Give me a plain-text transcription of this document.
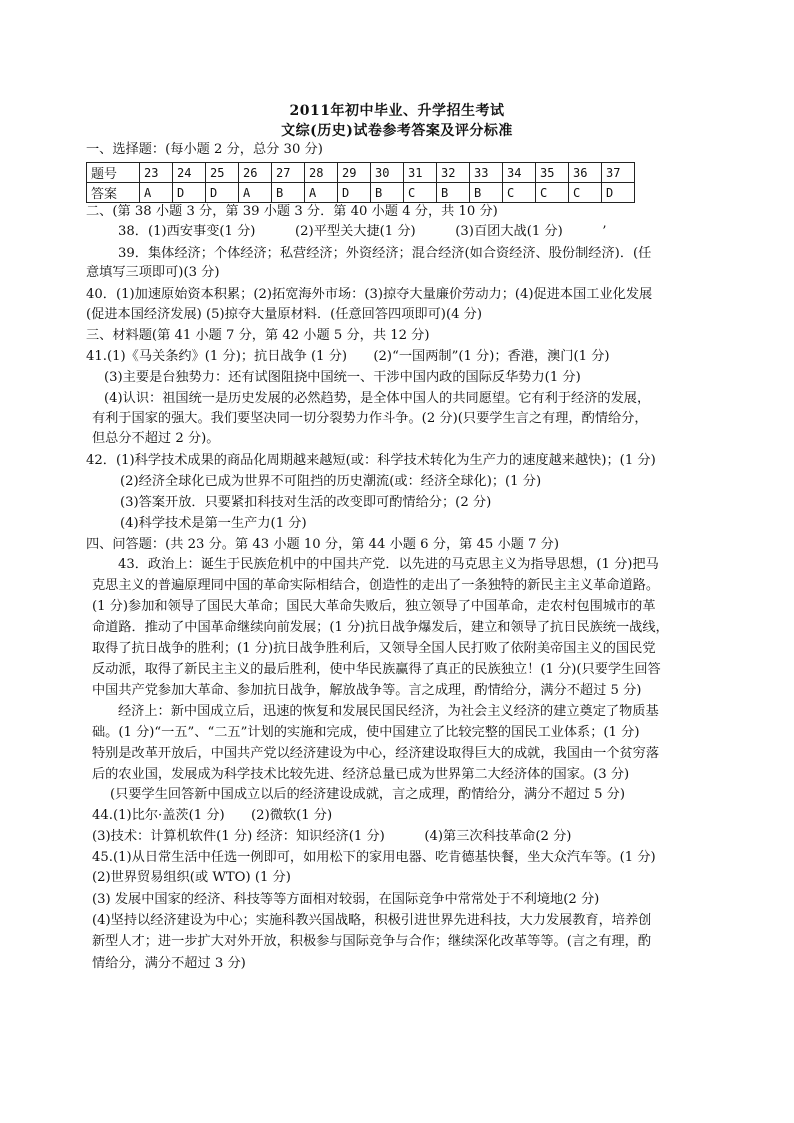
2011年初中毕业、升学招生考试
文综(历史)试卷参考答案及评分标准
一、选择题：(每小题 2 分，总分 30 分)
题号	23	24	25	26	27	28	29	30	31	32	33	34	35	36	37
答案	A	D	D	A	B	A	D	B	C	B	B	C	C	C	D
二、(第 38 小题 3 分，第 39 小题 3 分．第 40 小题 4 分，共 10 分)
38．(1)西安事变(1 分)　　　(2)平型关大捷(1 分)　　　(3)百团大战(1 分)　　　’
39．集体经济；个体经济；私营经济；外资经济；混合经济(如合资经济、股份制经济)．(任
意填写三项即可)(3 分)
40．(1)加速原始资本积累；(2)拓宽海外市场：(3)掠夺大量廉价劳动力；(4)促进本国工业化发展
(促进本国经济发展) (5)掠夺大量原材料．(任意回答四项即可)(4 分)
三、材料题(第 41 小题 7 分，第 42 小题 5 分，共 12 分)
41.(1)《马关条约》(1 分)；抗日战争 (1 分)　　(2)“一国两制”(1 分)；香港，澳门(1 分)
(3)主要是台独势力：还有试图阻挠中国统一、干涉中国内政的国际反华势力(1 分)
(4)认识：祖国统一是历史发展的必然趋势，是全体中国人的共同愿望。它有利于经济的发展，
有利于国家的强大。我们要坚决同一切分裂势力作斗争。(2 分)(只要学生言之有理，酌情给分，
但总分不超过 2 分)。
42．(1)科学技术成果的商品化周期越来越短(或：科学技术转化为生产力的速度越来越快)；(1 分)
(2)经济全球化已成为世界不可阻挡的历史潮流(或：经济全球化)；(1 分)
(3)答案开放．只要紧扣科技对生活的改变即可酌情给分；(2 分)
(4)科学技术是第一生产力(1 分)
四、问答题：(共 23 分。第 43 小题 10 分，第 44 小题 6 分，第 45 小题 7 分)
43．政治上：诞生于民族危机中的中国共产党．以先进的马克思主义为指导思想，(1 分)把马
克思主义的普遍原理同中国的革命实际相结合，创造性的走出了一条独特的新民主主义革命道路。
(1 分)参加和领导了国民大革命；国民大革命失败后，独立领导了中国革命，走农村包围城市的革
命道路．推动了中国革命继续向前发展；(1 分)抗日战争爆发后，建立和领导了抗日民族统一战线，
取得了抗日战争的胜利；(1 分)抗日战争胜利后，又领导全国人民打败了依附美帝国主义的国民党
反动派，取得了新民主主义的最后胜利，使中华民族赢得了真正的民族独立！(1 分)(只要学生回答
中国共产党参加大革命、参加抗日战争，解放战争等。言之成理，酌情给分，满分不超过 5 分)
经济上：新中国成立后，迅速的恢复和发展民国民经济，为社会主义经济的建立奠定了物质基
础。(1 分)“一五”、“二五”计划的实施和完成，使中国建立了比较完整的国民工业体系；(1 分)
特别是改革开放后，中国共产党以经济建设为中心，经济建设取得巨大的成就，我国由一个贫穷落
后的农业国，发展成为科学技术比较先进、经济总量已成为世界第二大经济体的国家。(3 分)
(只要学生回答新中国成立以后的经济建设成就，言之成理，酌情给分，满分不超过 5 分)
44.(1)比尔·盖茨(1 分)　　(2)微软(1 分)
(3)技术：计算机软件(1 分) 经济：知识经济(1 分)　　　(4)第三次科技革命(2 分)
45.(1)从日常生活中任选一例即可，如用松下的家用电器、吃肯德基快餐，坐大众汽车等。(1 分)
(2)世界贸易组织(或 WTO) (1 分)
(3) 发展中国家的经济、科技等等方面相对较弱，在国际竞争中常常处于不利境地(2 分)
(4)坚持以经济建设为中心；实施科教兴国战略，积极引进世界先进科技，大力发展教育，培养创
新型人才；进一步扩大对外开放，积极参与国际竞争与合作；继续深化改革等等。(言之有理，酌
情给分，满分不超过 3 分)
